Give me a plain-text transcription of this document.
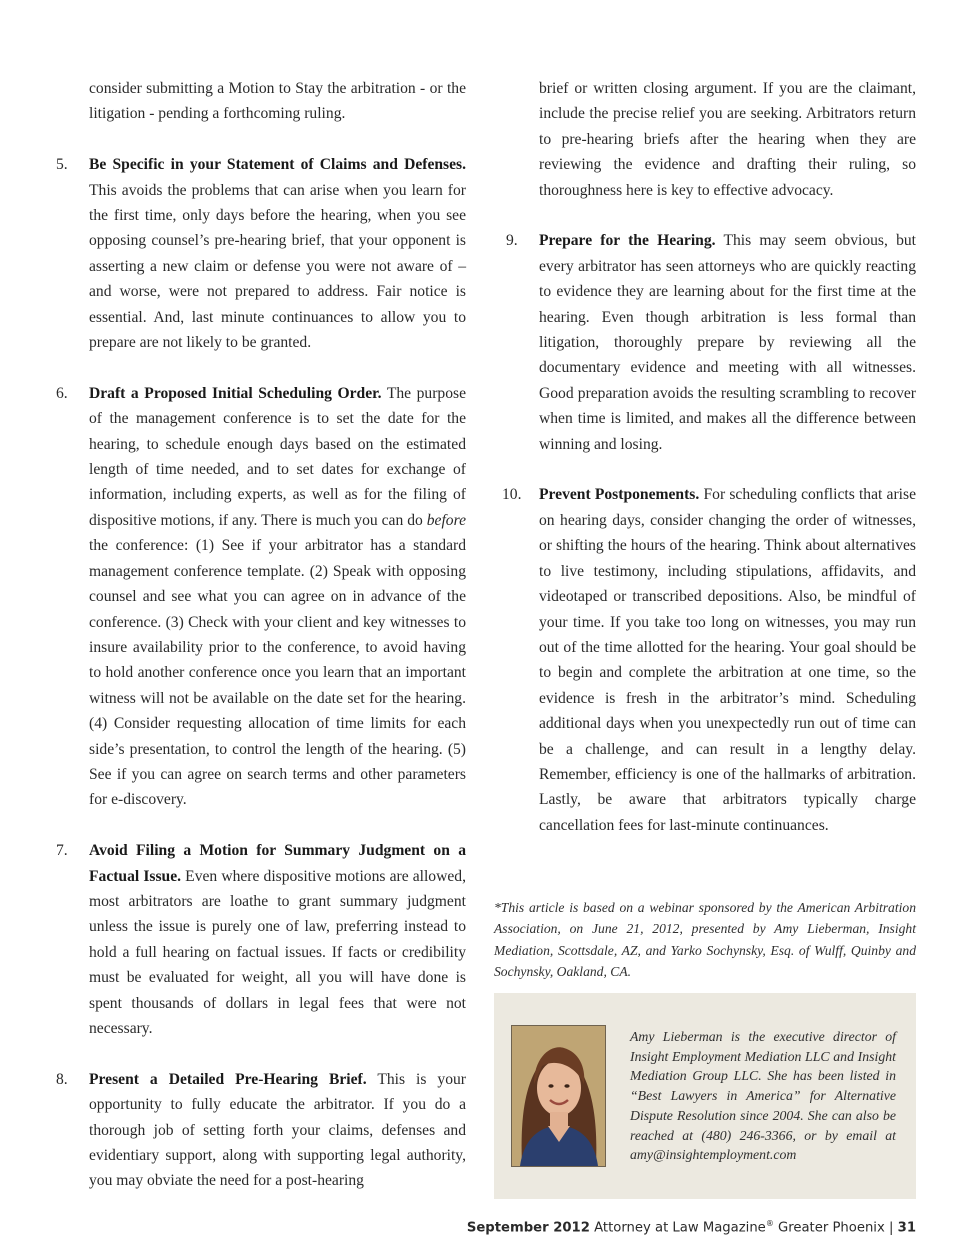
consider submitting a Motion to Stay the arbitration - or the litigation - pending a forthcoming ruling.

5.	Be Specific in your Statement of Claims and Defenses. This avoids the problems that can arise when you learn for the first time, only days before the hearing, when you see opposing counsel’s pre-hearing brief, that your opponent is asserting a new claim or defense you were not aware of – and worse, were not prepared to address. Fair notice is essential. And, last minute continuances to allow you to prepare are not likely to be granted.
6.	Draft a Proposed Initial Scheduling Order. The purpose of the management conference is to set the date for the hearing, to schedule enough days based on the estimated length of time needed, and to set dates for exchange of information, including experts, as well as for the filing of dispositive motions, if any. There is much you can do before the conference: (1) See if your arbitrator has a standard management conference template. (2) Speak with opposing counsel and see what you can agree on in advance of the conference. (3) Check with your client and key witnesses to insure availability prior to the conference, to avoid having to hold another conference once you learn that an important witness will not be available on the date set for the hearing. (4) Consider requesting allocation of time limits for each side’s presentation, to control the length of the hearing. (5) See if you can agree on search terms and other parameters for e-discovery.
7.	Avoid Filing a Motion for Summary Judgment on a Factual Issue. Even where dispositive motions are allowed, most arbitrators are loathe to grant summary judgment unless the issue is purely one of law, preferring instead to hold a full hearing on factual issues. If facts or credibility must be evaluated for weight, all you will have done is spent thousands of dollars in legal fees that were not necessary.
8.	Present a Detailed Pre-Hearing Brief. This is your opportunity to fully educate the arbitrator. If you do a thorough job of setting forth your claims, defenses and evidentiary support, along with supporting legal authority, you may obviate the need for a post-hearing

brief or written closing argument. If you are the claimant, include the precise relief you are seeking. Arbitrators return to pre-hearing briefs after the hearing when they are reviewing the evidence and drafting their ruling, so thoroughness here is key to effective advocacy.

9.	Prepare for the Hearing. This may seem obvious, but every arbitrator has seen attorneys who are quickly reacting to evidence they are learning about for the first time at the hearing. Even though arbitration is less formal than litigation, thoroughly prepare by reviewing all the documentary evidence and meeting with all witnesses. Good preparation avoids the resulting scrambling to recover when time is limited, and makes all the difference between winning and losing.
10.	Prevent Postponements. For scheduling conflicts that arise on hearing days, consider changing the order of witnesses, or shifting the hours of the hearing. Think about alternatives to live testimony, including stipulations, affidavits, and videotaped or transcribed depositions. Also, be mindful of your time. If you take too long on witnesses, you may run out of the time allotted for the hearing. Your goal should be to begin and complete the arbitration at one time, so the evidence is fresh in the arbitrator’s mind. Scheduling additional days when you unexpectedly run out of time can be a challenge, and can result in a lengthy delay. Remember, efficiency is one of the hallmarks of arbitration. Lastly, be aware that arbitrators typically charge cancellation fees for last-minute continuances.
*This article is based on a webinar sponsored by the American Arbitration Association, on June 21, 2012, presented by Amy Lieberman, Insight Mediation, Scottsdale, AZ, and Yarko Sochynsky, Esq. of Wulff, Quinby and Sochynsky, Oakland, CA.
Amy Lieberman is the executive director of Insight Employment Mediation LLC and Insight Mediation Group LLC. She has been listed in “Best Lawyers in America” for Alternative Dispute Resolution since 2004. She can also be reached at (480) 246-3366, or by email at amy@insightemployment.com
September 2012 Attorney at Law Magazine® Greater Phoenix | 31
